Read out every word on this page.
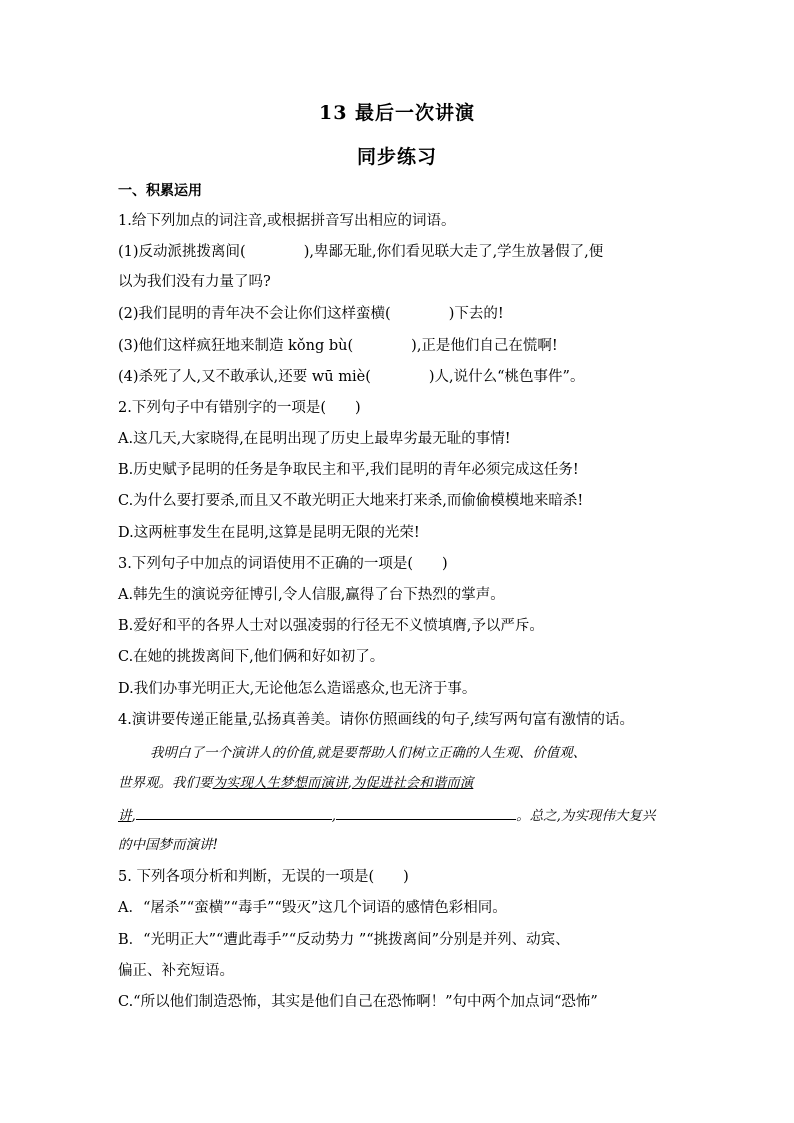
13 最后一次讲演
同步练习
一、积累运用
1.给下列加点的词注音,或根据拼音写出相应的词语。
(1)反动派挑拨离间(　　　　),卑鄙无耻,你们看见联大走了,学生放暑假了,便
以为我们没有力量了吗?
(2)我们昆明的青年决不会让你们这样蛮横(　　　　)下去的!
(3)他们这样疯狂地来制造 kǒng bù(　　　　),正是他们自己在慌啊!
(4)杀死了人,又不敢承认,还要 wū miè(　　　　)人,说什么“桃色事件”。
2.下列句子中有错别字的一项是(　　)
A.这几天,大家晓得,在昆明出现了历史上最卑劣最无耻的事情!
B.历史赋予昆明的任务是争取民主和平,我们昆明的青年必须完成这任务!
C.为什么要打要杀,而且又不敢光明正大地来打来杀,而偷偷模模地来暗杀!
D.这两桩事发生在昆明,这算是昆明无限的光荣!
3.下列句子中加点的词语使用不正确的一项是(　　)
A.韩先生的演说旁征博引,令人信服,赢得了台下热烈的掌声。
B.爱好和平的各界人士对以强凌弱的行径无不义愤填膺,予以严斥。
C.在她的挑拨离间下,他们俩和好如初了。
D.我们办事光明正大,无论他怎么造谣惑众,也无济于事。
4.演讲要传递正能量,弘扬真善美。请你仿照画线的句子,续写两句富有激情的话。
我明白了一个演讲人的价值,就是要帮助人们树立正确的人生观、价值观、
世界观。我们要为实现人生梦想而演讲,为促进社会和谐而演
讲,	,	。总之,为实现伟大复兴
的中国梦而演讲!
5. 下列各项分析和判断，无误的一项是(　　)
A．“屠杀”“蛮横”“毒手”“毁灭”这几个词语的感情色彩相同。
B．“光明正大”“遭此毒手”“反动势力 ”“挑拨离间”分别是并列、动宾、
偏正、补充短语。
C.“所以他们制造恐怖，其实是他们自己在恐怖啊！”句中两个加点词“恐怖”
